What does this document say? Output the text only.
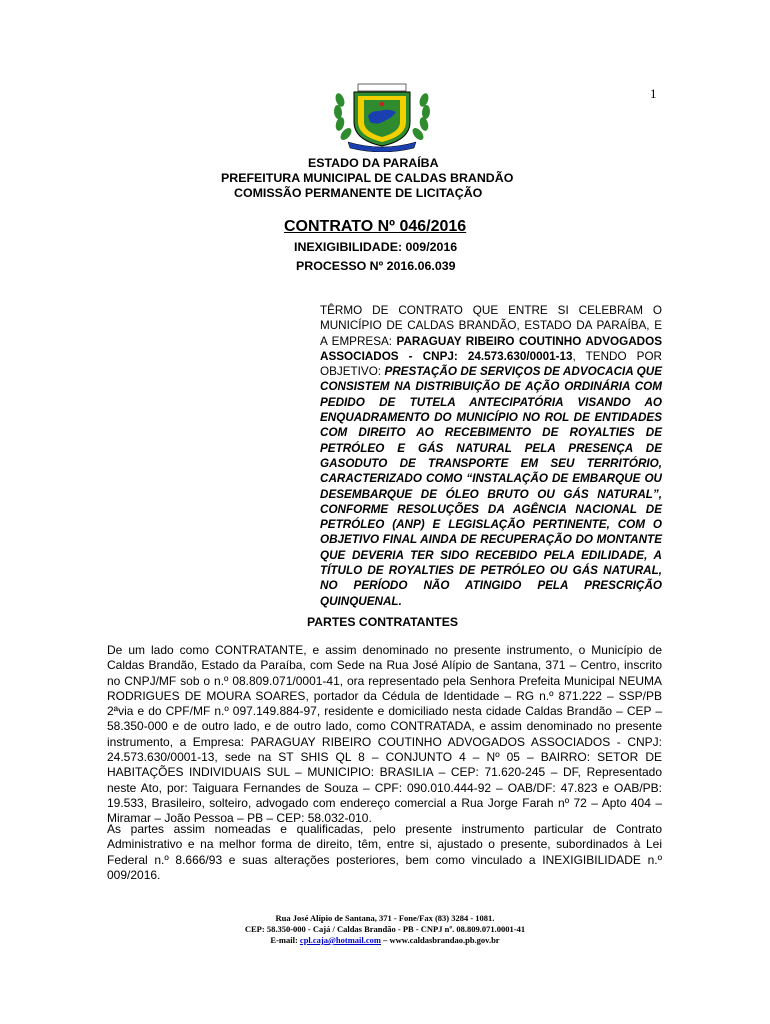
1
ESTADO DA PARAÍBA
PREFEITURA MUNICIPAL DE CALDAS BRANDÃO
COMISSÃO PERMANENTE DE LICITAÇÃO
CONTRATO Nº 046/2016
INEXIGIBILIDADE: 009/2016
PROCESSO Nº 2016.06.039
TÊRMO DE CONTRATO QUE ENTRE SI CELEBRAM O MUNICÍPIO DE CALDAS BRANDÃO, ESTADO DA PARAÍBA, E A EMPRESA: PARAGUAY RIBEIRO COUTINHO ADVOGADOS ASSOCIADOS - CNPJ: 24.573.630/0001-13, TENDO POR OBJETIVO: PRESTAÇÃO DE SERVIÇOS DE ADVOCACIA QUE CONSISTEM NA DISTRIBUIÇÃO DE AÇÃO ORDINÁRIA COM PEDIDO DE TUTELA ANTECIPATÓRIA VISANDO AO ENQUADRAMENTO DO MUNICÍPIO NO ROL DE ENTIDADES COM DIREITO AO RECEBIMENTO DE ROYALTIES DE PETRÓLEO E GÁS NATURAL PELA PRESENÇA DE GASODUTO DE TRANSPORTE EM SEU TERRITÓRIO, CARACTERIZADO COMO “INSTALAÇÃO DE EMBARQUE OU DESEMBARQUE DE ÓLEO BRUTO OU GÁS NATURAL”, CONFORME RESOLUÇÕES DA AGÊNCIA NACIONAL DE PETRÓLEO (ANP) E LEGISLAÇÃO PERTINENTE, COM O OBJETIVO FINAL AINDA DE RECUPERAÇÃO DO MONTANTE QUE DEVERIA TER SIDO RECEBIDO PELA EDILIDADE, A TÍTULO DE ROYALTIES DE PETRÓLEO OU GÁS NATURAL, NO PERÍODO NÃO ATINGIDO PELA PRESCRIÇÃO QUINQUENAL.
PARTES CONTRATANTES
De um lado como CONTRATANTE, e assim denominado no presente instrumento, o Município de Caldas Brandão, Estado da Paraíba, com Sede na Rua José Alípio de Santana, 371 – Centro, inscrito no CNPJ/MF sob o n.º 08.809.071/0001-41, ora representado pela Senhora Prefeita Municipal NEUMA RODRIGUES DE MOURA SOARES, portador da Cédula de Identidade – RG n.º 871.222 – SSP/PB 2ªvia e do CPF/MF n.º 097.149.884-97, residente e domiciliado nesta cidade Caldas Brandão – CEP – 58.350-000 e de outro lado, e de outro lado, como CONTRATADA, e assim denominado no presente instrumento, a Empresa: PARAGUAY RIBEIRO COUTINHO ADVOGADOS ASSOCIADOS - CNPJ: 24.573.630/0001-13, sede na ST SHIS QL 8 – CONJUNTO 4 – Nº 05 – BAIRRO: SETOR DE HABITAÇÕES INDIVIDUAIS SUL – MUNICIPIO: BRASILIA – CEP: 71.620-245 – DF, Representado neste Ato, por: Taiguara Fernandes de Souza – CPF: 090.010.444-92 – OAB/DF: 47.823 e OAB/PB: 19.533, Brasileiro, solteiro, advogado com endereço comercial a Rua Jorge Farah nº 72 – Apto 404 – Miramar – João Pessoa – PB – CEP: 58.032-010.
As partes assim nomeadas e qualificadas, pelo presente instrumento particular de Contrato Administrativo e na melhor forma de direito, têm, entre si, ajustado o presente, subordinados à Lei Federal n.º 8.666/93 e suas alterações posteriores, bem como vinculado a INEXIGIBILIDADE n.º 009/2016.
Rua José Alípio de Santana, 371 - Fone/Fax (83) 3284 - 1081.
CEP: 58.350-000 - Cajá / Caldas Brandão - PB - CNPJ nº. 08.809.071.0001-41
E-mail: cpl.caja@hotmail.com – www.caldasbrandao.pb.gov.br
